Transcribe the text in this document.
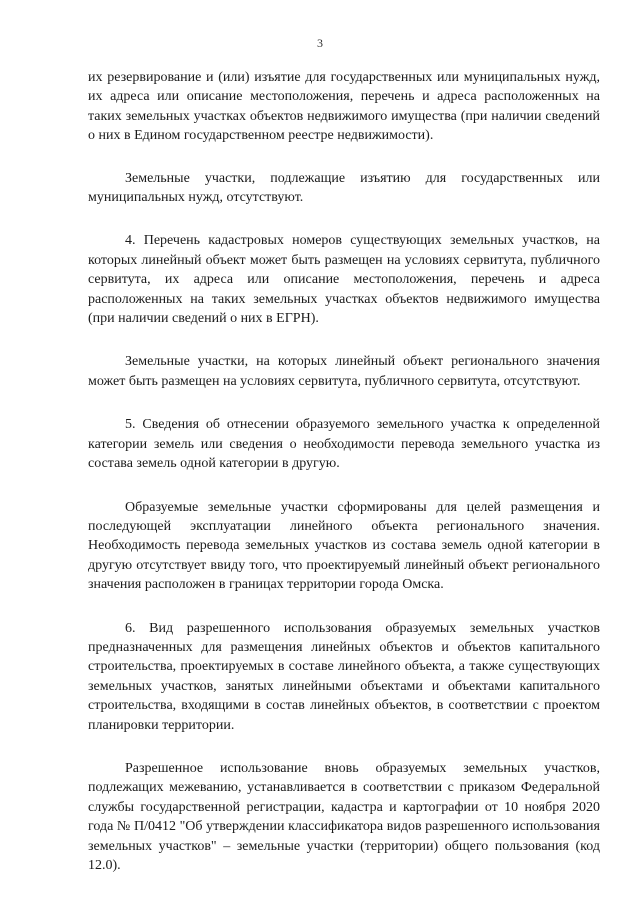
3

их резервирование и (или) изъятие для государственных или муниципальных нужд, их адреса или описание местоположения, перечень и адреса расположенных на таких земельных участках объектов недвижимого имущества (при наличии сведений о них в Едином государственном реестре недвижимости).

Земельные участки, подлежащие изъятию для государственных или муниципальных нужд, отсутствуют.

4. Перечень кадастровых номеров существующих земельных участков, на которых линейный объект может быть размещен на условиях сервитута, публичного сервитута, их адреса или описание местоположения, перечень и адреса расположенных на таких земельных участках объектов недвижимого имущества (при наличии сведений о них в ЕГРН).

Земельные участки, на которых линейный объект регионального значения может быть размещен на условиях сервитута, публичного сервитута, отсутствуют.

5. Сведения об отнесении образуемого земельного участка к определенной категории земель или сведения о необходимости перевода земельного участка из состава земель одной категории в другую.

Образуемые земельные участки сформированы для целей размещения и последующей эксплуатации линейного объекта регионального значения. Необходимость перевода земельных участков из состава земель одной категории в другую отсутствует ввиду того, что проектируемый линейный объект регионального значения расположен в границах территории города Омска.

6. Вид разрешенного использования образуемых земельных участков предназначенных для размещения линейных объектов и объектов капитального строительства, проектируемых в составе линейного объекта, а также существующих земельных участков, занятых линейными объектами и объектами капитального строительства, входящими в состав линейных объектов, в соответствии с проектом планировки территории.

Разрешенное использование вновь образуемых земельных участков, подлежащих межеванию, устанавливается в соответствии с приказом Федеральной службы государственной регистрации, кадастра и картографии от 10 ноября 2020 года № П/0412 "Об утверждении классификатора видов разрешенного использования земельных участков" – земельные участки (территории) общего пользования (код 12.0).
